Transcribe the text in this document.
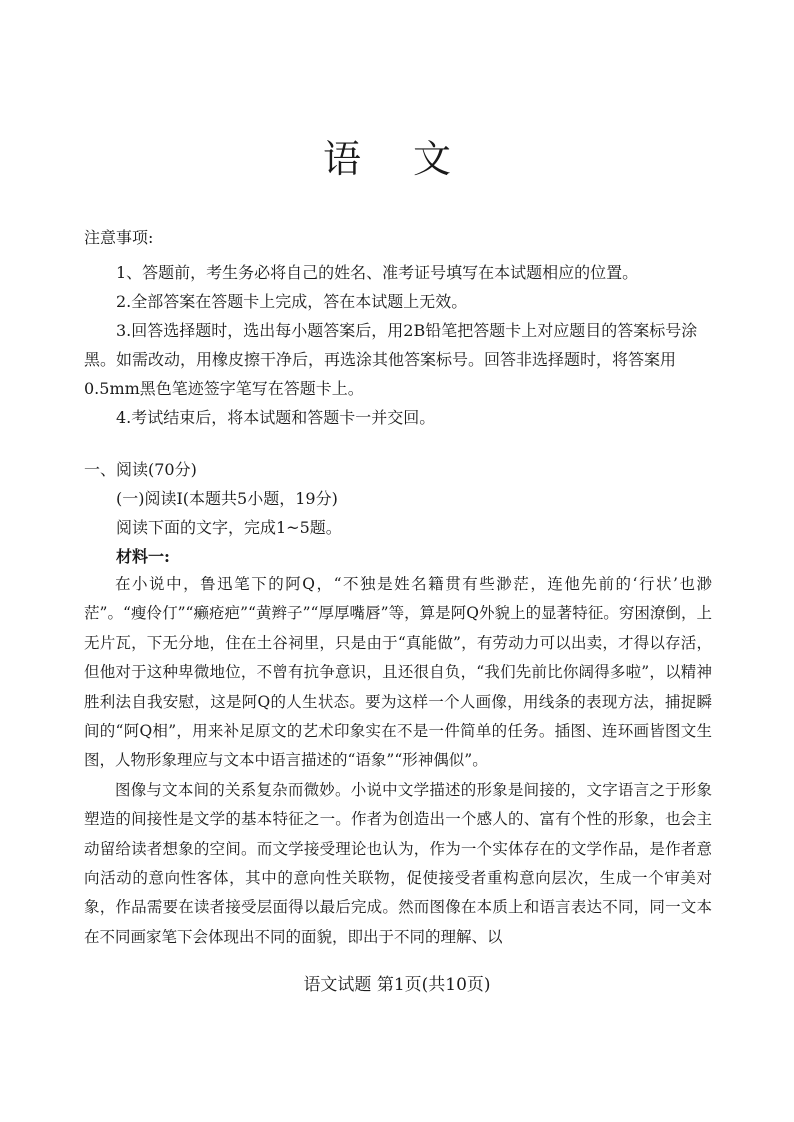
语 文

注意事项:

1、答题前，考生务必将自己的姓名、准考证号填写在本试题相应的位置。

2.全部答案在答题卡上完成，答在本试题上无效。

3.回答选择题时，选出每小题答案后，用2B铅笔把答题卡上对应题目的答案标号涂黑。如需改动，用橡皮擦干净后，再选涂其他答案标号。回答非选择题时，将答案用0.5mm黑色笔迹签字笔写在答题卡上。

4.考试结束后，将本试题和答题卡一并交回。

一、阅读(70分)

(一)阅读Ⅰ(本题共5小题，19分)

阅读下面的文字，完成1~5题。

材料一:

在小说中，鲁迅笔下的阿Q，“不独是姓名籍贯有些渺茫，连他先前的‘行状’也渺茫”。“瘦伶仃”“癞疮疤”“黄辫子”“厚厚嘴唇”等，算是阿Q外貌上的显著特征。穷困潦倒，上无片瓦，下无分地，住在土谷祠里，只是由于“真能做”，有劳动力可以出卖，才得以存活，但他对于这种卑微地位，不曾有抗争意识，且还很自负，“我们先前比你阔得多啦”，以精神胜利法自我安慰，这是阿Q的人生状态。要为这样一个人画像，用线条的表现方法，捕捉瞬间的“阿Q相”，用来补足原文的艺术印象实在不是一件简单的任务。插图、连环画皆图文生图，人物形象理应与文本中语言描述的“语象”“形神偶似”。

图像与文本间的关系复杂而微妙。小说中文学描述的形象是间接的，文字语言之于形象塑造的间接性是文学的基本特征之一。作者为创造出一个感人的、富有个性的形象，也会主动留给读者想象的空间。而文学接受理论也认为，作为一个实体存在的文学作品，是作者意向活动的意向性客体，其中的意向性关联物，促使接受者重构意向层次，生成一个审美对象，作品需要在读者接受层面得以最后完成。然而图像在本质上和语言表达不同，同一文本在不同画家笔下会体现出不同的面貌，即出于不同的理解、以

语文试题 第1页(共10页)
